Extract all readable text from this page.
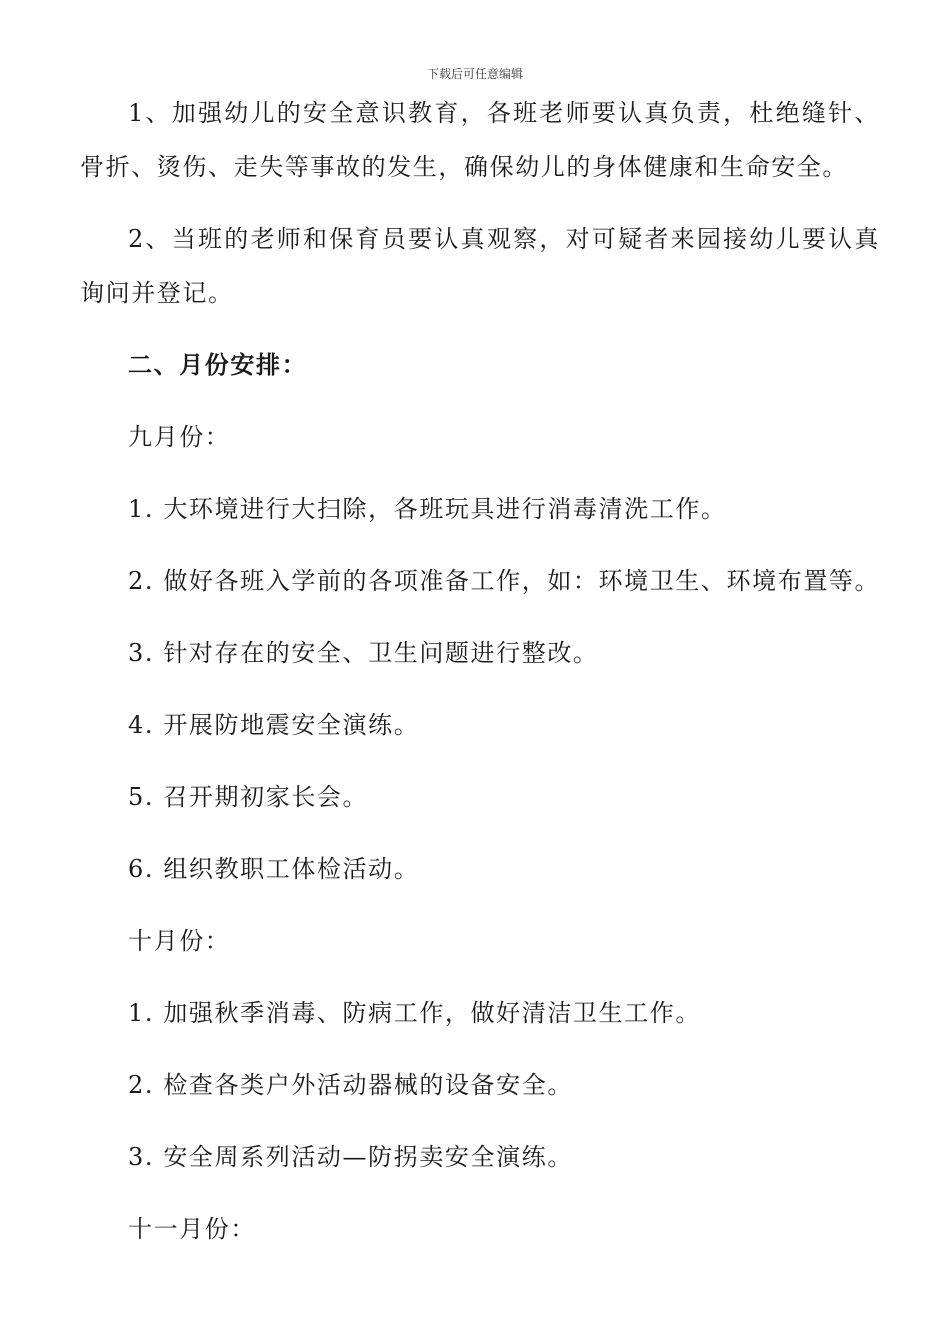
下载后可任意编辑

1、加强幼儿的安全意识教育，各班老师要认真负责，杜绝缝针、骨折、烫伤、走失等事故的发生，确保幼儿的身体健康和生命安全。

2、当班的老师和保育员要认真观察，对可疑者来园接幼儿要认真询问并登记。

二、月份安排：

九月份：

1. 大环境进行大扫除，各班玩具进行消毒清洗工作。

2. 做好各班入学前的各项准备工作，如：环境卫生、环境布置等。

3. 针对存在的安全、卫生问题进行整改。

4. 开展防地震安全演练。

5. 召开期初家长会。

6. 组织教职工体检活动。

十月份：

1. 加强秋季消毒、防病工作，做好清洁卫生工作。

2. 检查各类户外活动器械的设备安全。

3. 安全周系列活动—防拐卖安全演练。

十一月份：
